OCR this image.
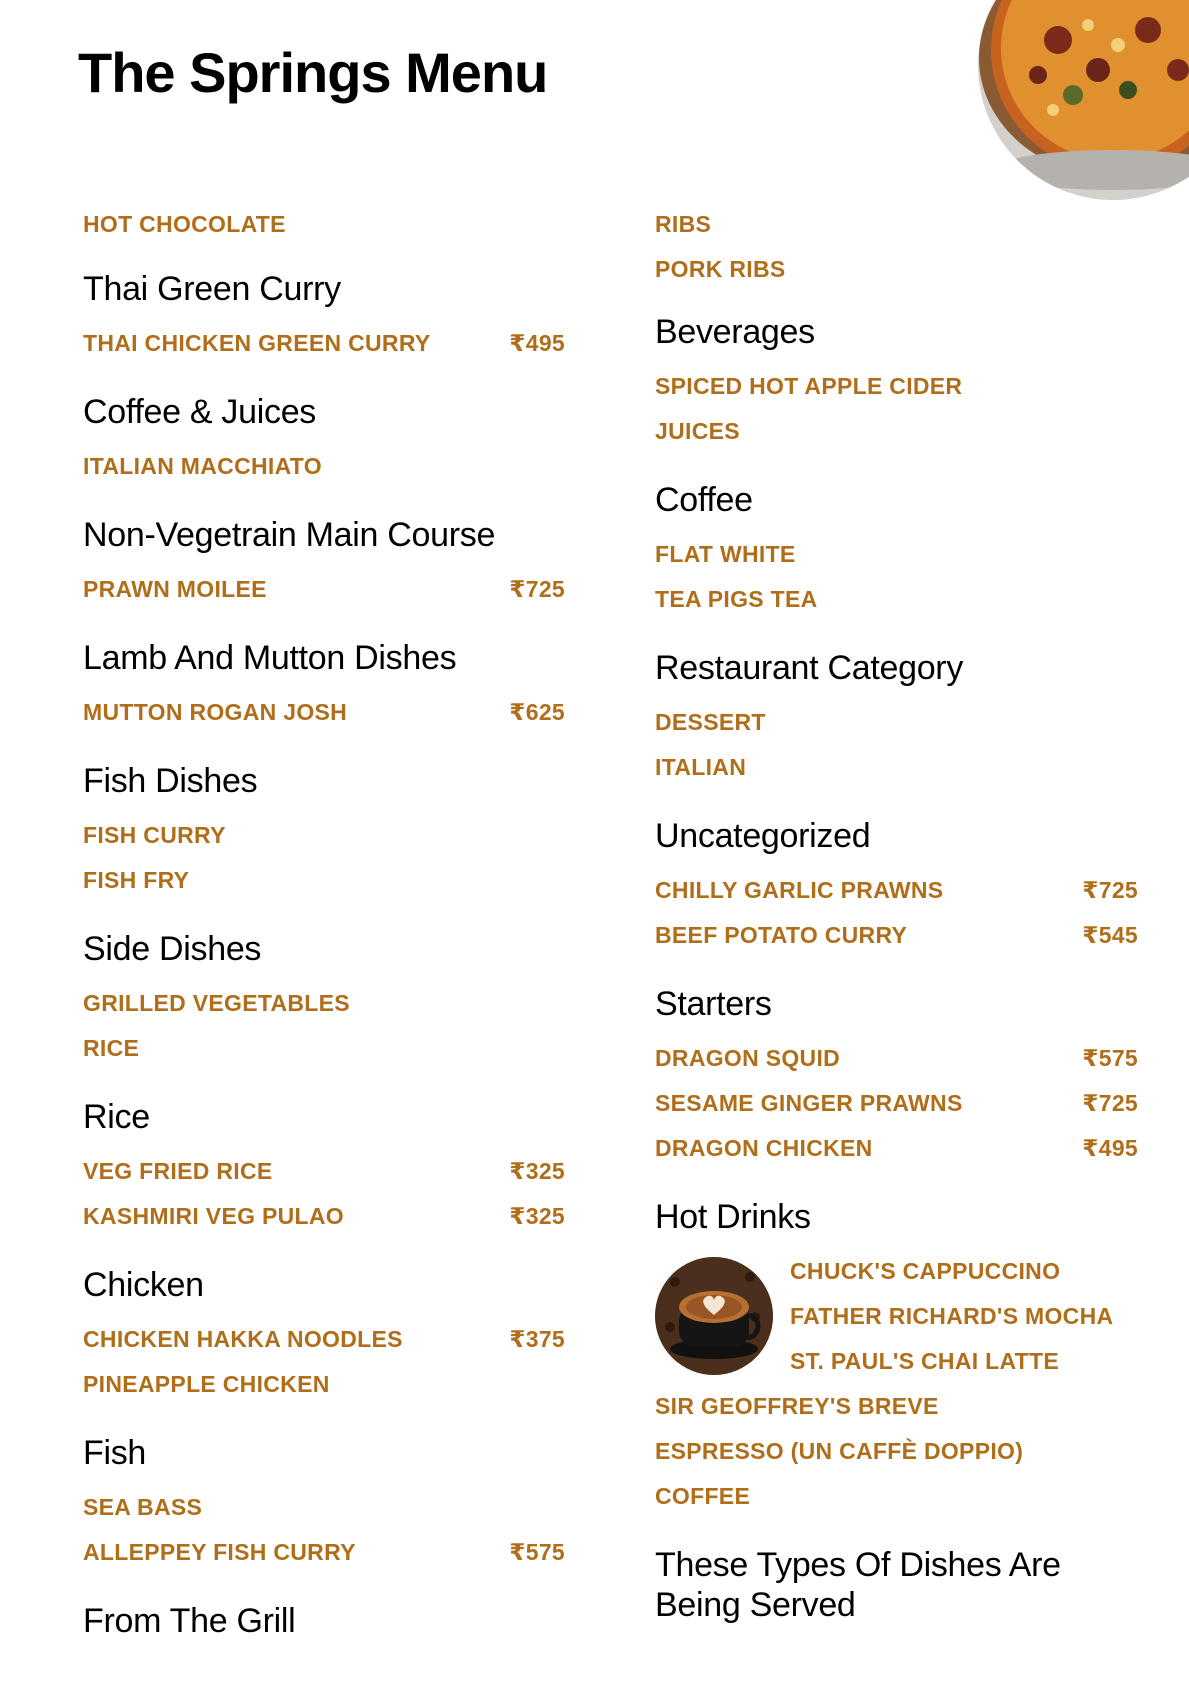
The Springs Menu
HOT CHOCOLATE
Thai Green Curry
THAI CHICKEN GREEN CURRY	₹495
Coffee & Juices
ITALIAN MACCHIATO
Non-Vegetrain Main Course
PRAWN MOILEE	₹725
Lamb And Mutton Dishes
MUTTON ROGAN JOSH	₹625
Fish Dishes
FISH CURRY
FISH FRY
Side Dishes
GRILLED VEGETABLES
RICE
Rice
VEG FRIED RICE	₹325
KASHMIRI VEG PULAO	₹325
Chicken
CHICKEN HAKKA NOODLES	₹375
PINEAPPLE CHICKEN
Fish
SEA BASS
ALLEPPEY FISH CURRY	₹575
From The Grill
RIBS
PORK RIBS
Beverages
SPICED HOT APPLE CIDER
JUICES
Coffee
FLAT WHITE
TEA PIGS TEA
Restaurant Category
DESSERT
ITALIAN
Uncategorized
CHILLY GARLIC PRAWNS	₹725
BEEF POTATO CURRY	₹545
Starters
DRAGON SQUID	₹575
SESAME GINGER PRAWNS	₹725
DRAGON CHICKEN	₹495
Hot Drinks
CHUCK'S CAPPUCCINO
FATHER RICHARD'S MOCHA
ST. PAUL'S CHAI LATTE
SIR GEOFFREY'S BREVE
ESPRESSO (UN CAFFÈ DOPPIO)
COFFEE
These Types Of Dishes Are Being Served
